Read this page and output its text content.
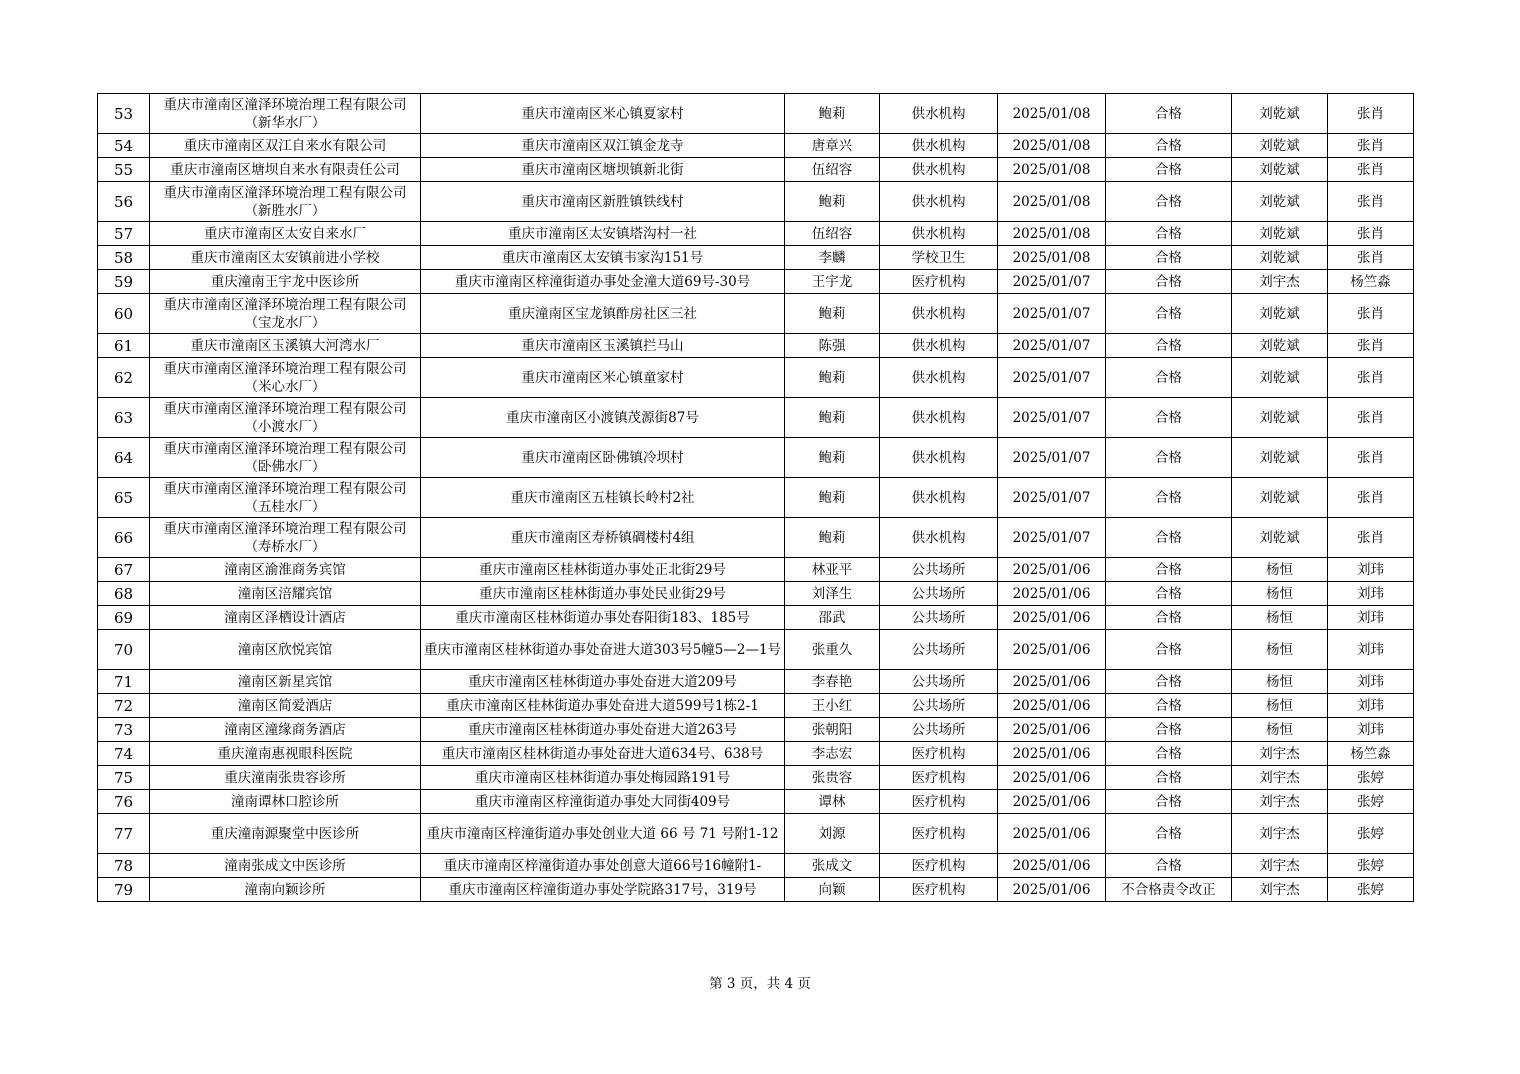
53	重庆市潼南区潼泽环境治理工程有限公司（新华水厂）	重庆市潼南区米心镇夏家村	鲍莉	供水机构	2025/01/08	合格	刘乾斌	张肖
54	重庆市潼南区双江自来水有限公司	重庆市潼南区双江镇金龙寺	唐章兴	供水机构	2025/01/08	合格	刘乾斌	张肖
55	重庆市潼南区塘坝自来水有限责任公司	重庆市潼南区塘坝镇新北街	伍绍容	供水机构	2025/01/08	合格	刘乾斌	张肖
56	重庆市潼南区潼泽环境治理工程有限公司（新胜水厂）	重庆市潼南区新胜镇铁线村	鲍莉	供水机构	2025/01/08	合格	刘乾斌	张肖
57	重庆市潼南区太安自来水厂	重庆市潼南区太安镇塔沟村一社	伍绍容	供水机构	2025/01/08	合格	刘乾斌	张肖
58	重庆市潼南区太安镇前进小学校	重庆市潼南区太安镇韦家沟151号	李麟	学校卫生	2025/01/08	合格	刘乾斌	张肖
59	重庆潼南王宇龙中医诊所	重庆市潼南区梓潼街道办事处金潼大道69号-30号	王宇龙	医疗机构	2025/01/07	合格	刘宇杰	杨竺淼
60	重庆市潼南区潼泽环境治理工程有限公司（宝龙水厂）	重庆潼南区宝龙镇酢房社区三社	鲍莉	供水机构	2025/01/07	合格	刘乾斌	张肖
61	重庆市潼南区玉溪镇大河湾水厂	重庆市潼南区玉溪镇拦马山	陈强	供水机构	2025/01/07	合格	刘乾斌	张肖
62	重庆市潼南区潼泽环境治理工程有限公司（米心水厂）	重庆市潼南区米心镇童家村	鲍莉	供水机构	2025/01/07	合格	刘乾斌	张肖
63	重庆市潼南区潼泽环境治理工程有限公司（小渡水厂）	重庆市潼南区小渡镇茂源街87号	鲍莉	供水机构	2025/01/07	合格	刘乾斌	张肖
64	重庆市潼南区潼泽环境治理工程有限公司（卧佛水厂）	重庆市潼南区卧佛镇冷坝村	鲍莉	供水机构	2025/01/07	合格	刘乾斌	张肖
65	重庆市潼南区潼泽环境治理工程有限公司（五桂水厂）	重庆市潼南区五桂镇长岭村2社	鲍莉	供水机构	2025/01/07	合格	刘乾斌	张肖
66	重庆市潼南区潼泽环境治理工程有限公司（寿桥水厂）	重庆市潼南区寿桥镇碉楼村4组	鲍莉	供水机构	2025/01/07	合格	刘乾斌	张肖
67	潼南区渝淮商务宾馆	重庆市潼南区桂林街道办事处正北街29号	林亚平	公共场所	2025/01/06	合格	杨恒	刘玮
68	潼南区涪耀宾馆	重庆市潼南区桂林街道办事处民业街29号	刘泽生	公共场所	2025/01/06	合格	杨恒	刘玮
69	潼南区泽栖设计酒店	重庆市潼南区桂林街道办事处春阳街183、185号	邵武	公共场所	2025/01/06	合格	杨恒	刘玮
70	潼南区欣悦宾馆	重庆市潼南区桂林街道办事处奋进大道303号5幢5—2—1号	张重久	公共场所	2025/01/06	合格	杨恒	刘玮
71	潼南区新星宾馆	重庆市潼南区桂林街道办事处奋进大道209号	李春艳	公共场所	2025/01/06	合格	杨恒	刘玮
72	潼南区简爱酒店	重庆市潼南区桂林街道办事处奋进大道599号1栋2-1	王小红	公共场所	2025/01/06	合格	杨恒	刘玮
73	潼南区潼缘商务酒店	重庆市潼南区桂林街道办事处奋进大道263号	张朝阳	公共场所	2025/01/06	合格	杨恒	刘玮
74	重庆潼南惠视眼科医院	重庆市潼南区桂林街道办事处奋进大道634号、638号	李志宏	医疗机构	2025/01/06	合格	刘宇杰	杨竺淼
75	重庆潼南张贵容诊所	重庆市潼南区桂林街道办事处梅园路191号	张贵容	医疗机构	2025/01/06	合格	刘宇杰	张婷
76	潼南谭林口腔诊所	重庆市潼南区梓潼街道办事处大同街409号	谭林	医疗机构	2025/01/06	合格	刘宇杰	张婷
77	重庆潼南源聚堂中医诊所	重庆市潼南区梓潼街道办事处创业大道 66 号 71 号附1-12	刘源	医疗机构	2025/01/06	合格	刘宇杰	张婷
78	潼南张成文中医诊所	重庆市潼南区梓潼街道办事处创意大道66号16幢附1-	张成文	医疗机构	2025/01/06	合格	刘宇杰	张婷
79	潼南向颖诊所	重庆市潼南区梓潼街道办事处学院路317号，319号	向颖	医疗机构	2025/01/06	不合格责令改正	刘宇杰	张婷
第 3 页，共 4 页
